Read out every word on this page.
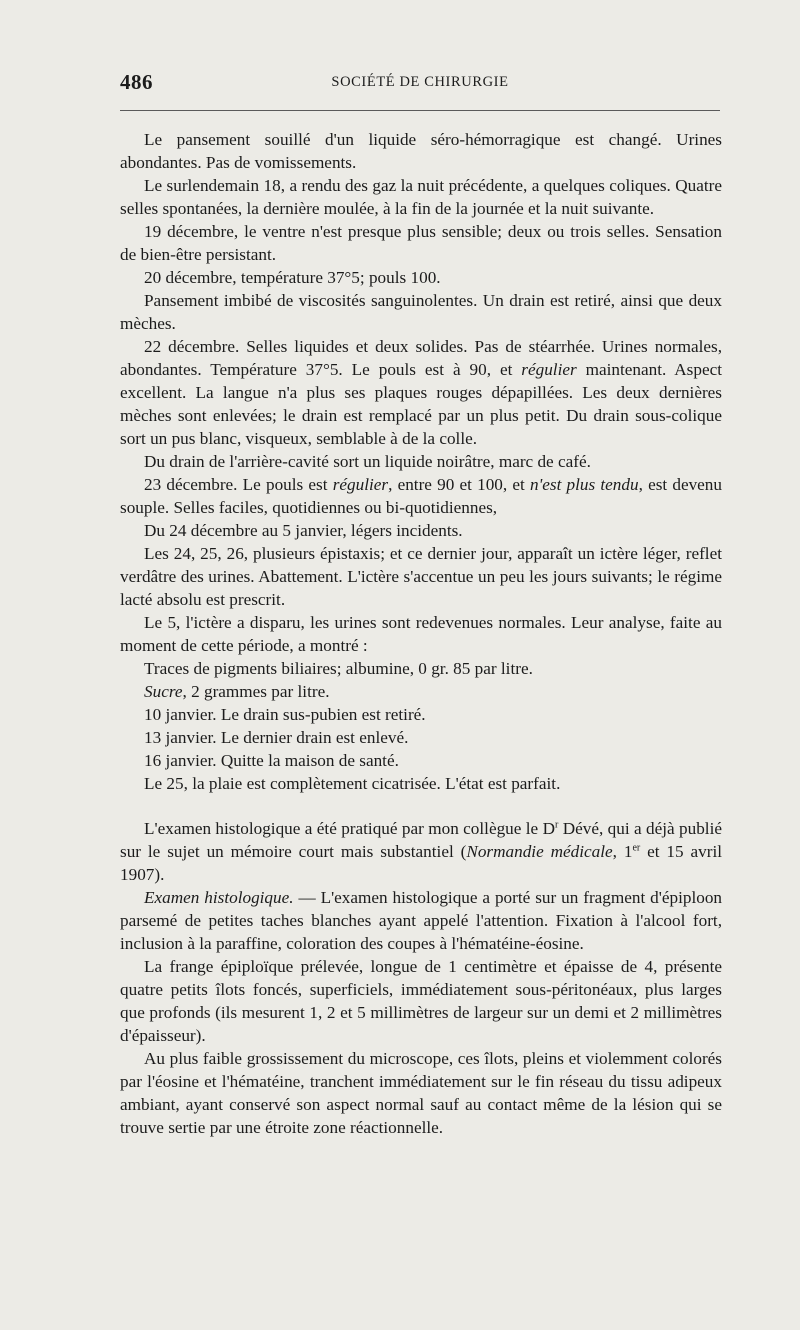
486	SOCIÉTÉ DE CHIRURGIE

Le pansement souillé d'un liquide séro-hémorragique est changé. Urines abondantes. Pas de vomissements.

Le surlendemain 18, a rendu des gaz la nuit précédente, a quelques coliques. Quatre selles spontanées, la dernière moulée, à la fin de la journée et la nuit suivante.

19 décembre, le ventre n'est presque plus sensible; deux ou trois selles. Sensation de bien-être persistant.

20 décembre, température 37°5; pouls 100.

Pansement imbibé de viscosités sanguinolentes. Un drain est retiré, ainsi que deux mèches.

22 décembre. Selles liquides et deux solides. Pas de stéarrhée. Urines normales, abondantes. Température 37°5. Le pouls est à 90, et régulier maintenant. Aspect excellent. La langue n'a plus ses plaques rouges dépapillées. Les deux dernières mèches sont enlevées; le drain est remplacé par un plus petit. Du drain sous-colique sort un pus blanc, visqueux, semblable à de la colle.

Du drain de l'arrière-cavité sort un liquide noirâtre, marc de café.

23 décembre. Le pouls est régulier, entre 90 et 100, et n'est plus tendu, est devenu souple. Selles faciles, quotidiennes ou bi-quotidiennes,

Du 24 décembre au 5 janvier, légers incidents.

Les 24, 25, 26, plusieurs épistaxis; et ce dernier jour, apparaît un ictère léger, reflet verdâtre des urines. Abattement. L'ictère s'accentue un peu les jours suivants; le régime lacté absolu est prescrit.

Le 5, l'ictère a disparu, les urines sont redevenues normales. Leur analyse, faite au moment de cette période, a montré :

Traces de pigments biliaires; albumine, 0 gr. 85 par litre.

Sucre, 2 grammes par litre.

10 janvier. Le drain sus-pubien est retiré.

13 janvier. Le dernier drain est enlevé.

16 janvier. Quitte la maison de santé.

Le 25, la plaie est complètement cicatrisée. L'état est parfait.

L'examen histologique a été pratiqué par mon collègue le $D^r$ Dévé, qui a déjà publié sur le sujet un mémoire court mais substantiel (Normandie médicale, 1er et 15 avril 1907).

Examen histologique. — L'examen histologique a porté sur un fragment d'épiploon parsemé de petites taches blanches ayant appelé l'attention. Fixation à l'alcool fort, inclusion à la paraffine, coloration des coupes à l'hématéine-éosine.

La frange épiploïque prélevée, longue de 1 centimètre et épaisse de 4, présente quatre petits îlots foncés, superficiels, immédiatement sous-péritonéaux, plus larges que profonds (ils mesurent 1, 2 et 5 millimètres de largeur sur un demi et 2 millimètres d'épaisseur).

Au plus faible grossissement du microscope, ces îlots, pleins et violemment colorés par l'éosine et l'hématéine, tranchent immédiatement sur le fin réseau du tissu adipeux ambiant, ayant conservé son aspect normal sauf au contact même de la lésion qui se trouve sertie par une étroite zone réactionnelle.
